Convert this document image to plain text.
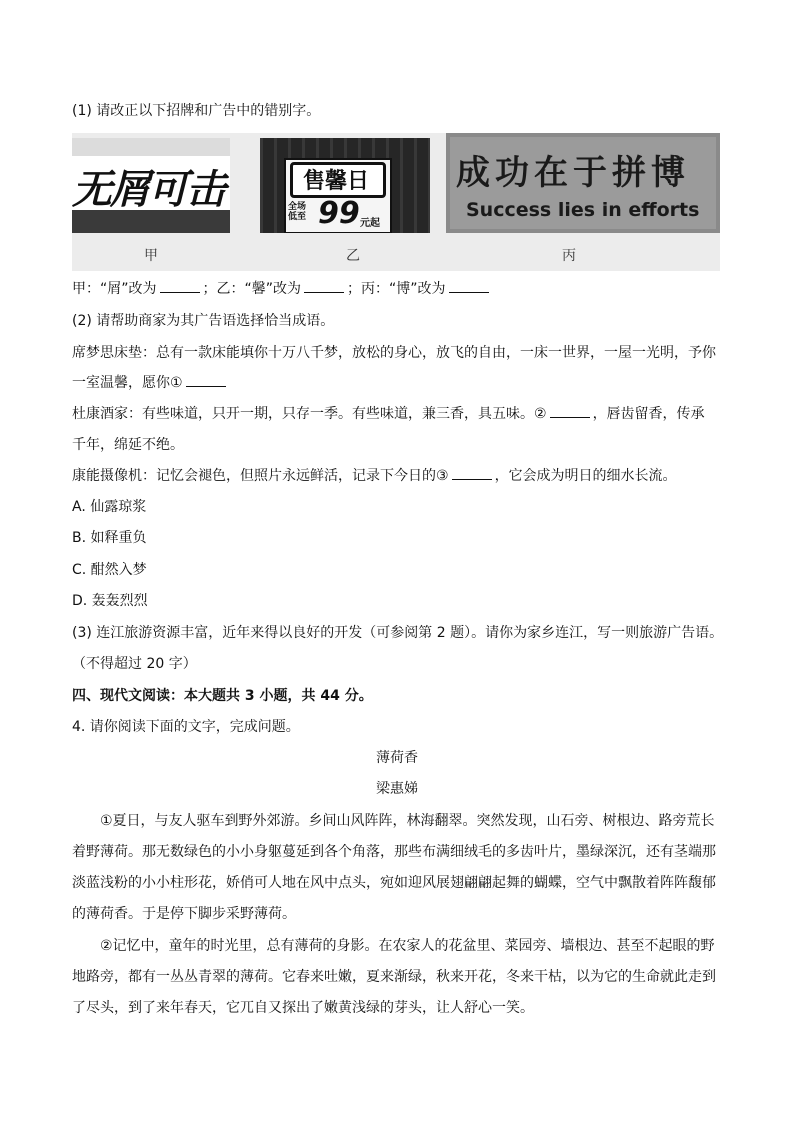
(1) 请改正以下招牌和广告中的错别字。
无屑可击	售馨日
全场
低至 99 元起
成功在于拼博
Success lies in efforts
甲	乙	丙
甲：“屑”改为	；乙：“馨”改为	；丙：“博”改为
(2) 请帮助商家为其广告语选择恰当成语。
席梦思床垫：总有一款床能填你十万八千梦，放松的身心，放飞的自由，一床一世界，一屋一光明，予你
一室温馨，愿你①
杜康酒家：有些味道，只开一期，只存一季。有些味道，兼三香，具五味。②	，唇齿留香，传承
千年，绵延不绝。
康能摄像机：记忆会褪色，但照片永远鲜活，记录下今日的③	，它会成为明日的细水长流。
A. 仙露琼浆
B. 如释重负
C. 酣然入梦
D. 轰轰烈烈
(3) 连江旅游资源丰富，近年来得以良好的开发（可参阅第 2 题）。请你为家乡连江，写一则旅游广告语。
（不得超过 20 字）
四、现代文阅读：本大题共 3 小题，共 44 分。
4. 请你阅读下面的文字，完成问题。
薄荷香
梁惠娣
①夏日，与友人驱车到野外郊游。乡间山风阵阵，林海翻翠。突然发现，山石旁、树根边、路旁荒长
着野薄荷。那无数绿色的小小身躯蔓延到各个角落，那些布满细绒毛的多齿叶片，墨绿深沉，还有茎端那
淡蓝浅粉的小小柱形花，娇俏可人地在风中点头，宛如迎风展翅翩翩起舞的蝴蝶，空气中飘散着阵阵馥郁
的薄荷香。于是停下脚步采野薄荷。
②记忆中，童年的时光里，总有薄荷的身影。在农家人的花盆里、菜园旁、墙根边、甚至不起眼的野
地路旁，都有一丛丛青翠的薄荷。它春来吐嫩，夏来渐绿，秋来开花，冬来干枯，以为它的生命就此走到
了尽头，到了来年春天，它兀自又探出了嫩黄浅绿的芽头，让人舒心一笑。
